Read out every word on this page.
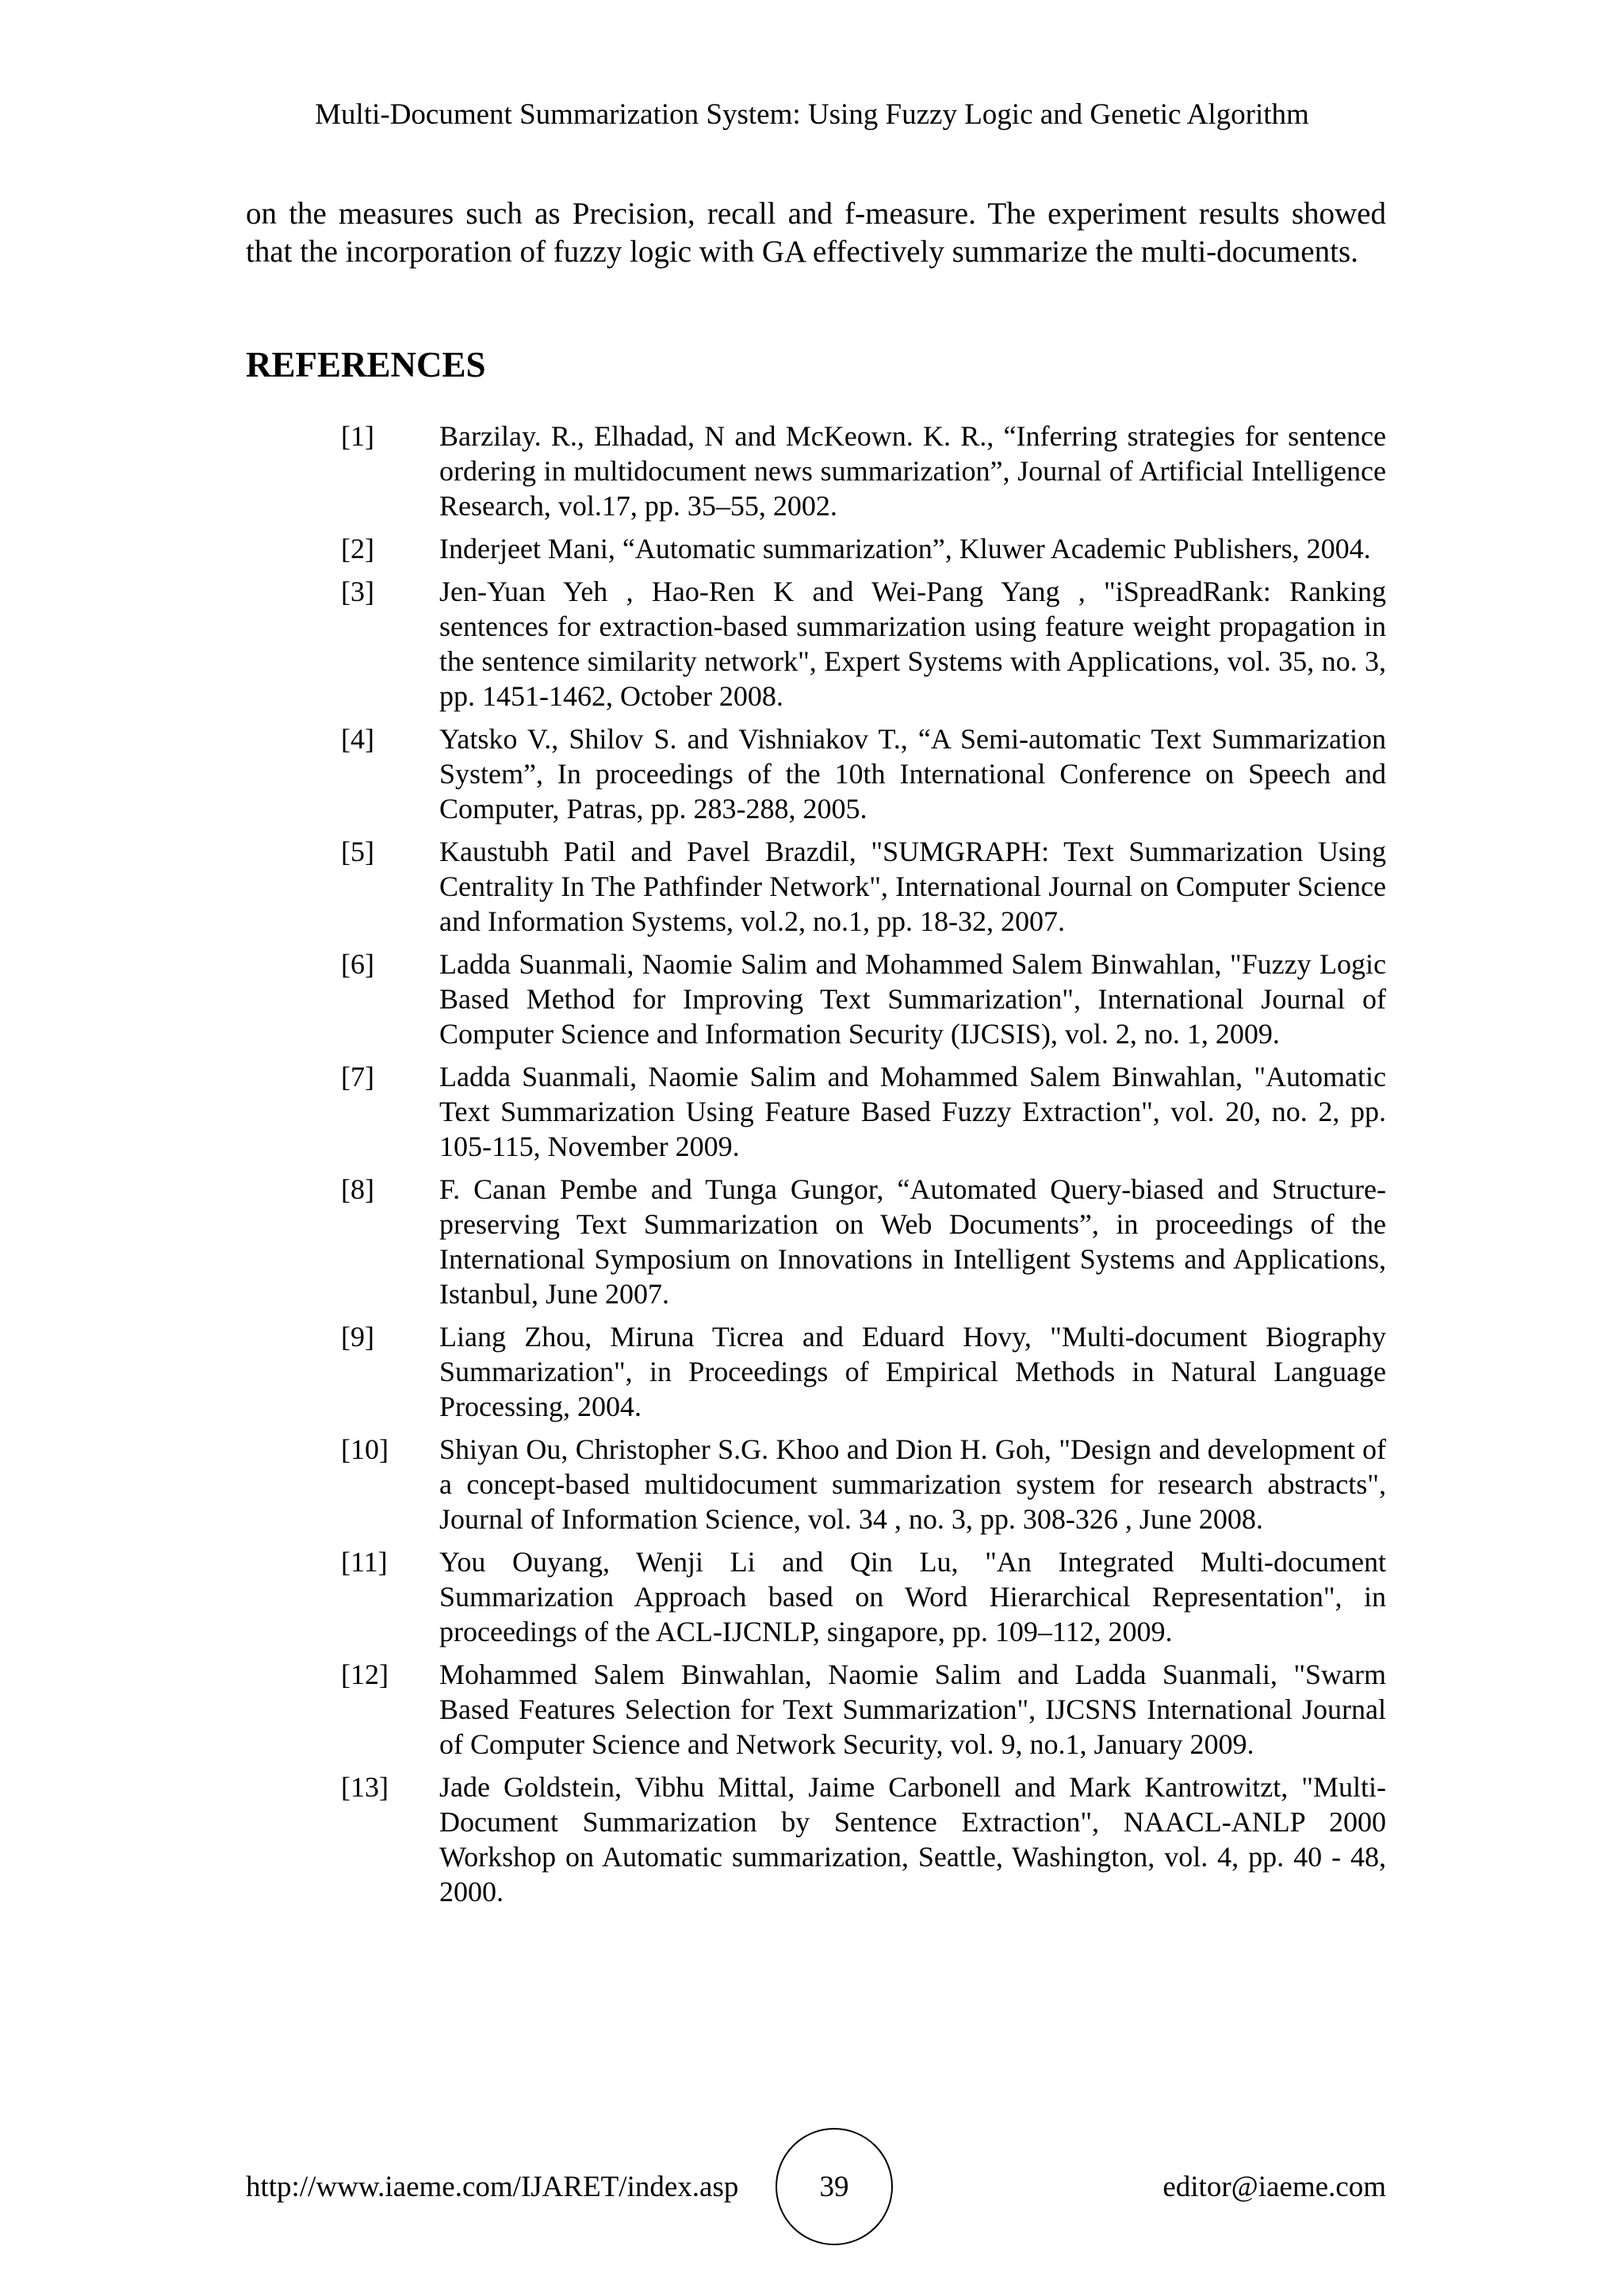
Multi-Document Summarization System: Using Fuzzy Logic and Genetic Algorithm

on the measures such as Precision, recall and f-measure. The experiment results showed that the incorporation of fuzzy logic with GA effectively summarize the multi-documents.

REFERENCES
[1]	Barzilay. R., Elhadad, N and McKeown. K. R., “Inferring strategies for sentence ordering in multidocument news summarization”, Journal of Artificial Intelligence Research, vol.17, pp. 35–55, 2002.
[2]	Inderjeet Mani, “Automatic summarization”, Kluwer Academic Publishers, 2004.
[3]	Jen-Yuan Yeh , Hao-Ren K and Wei-Pang Yang , "iSpreadRank: Ranking sentences for extraction-based summarization using feature weight propagation in the sentence similarity network", Expert Systems with Applications, vol. 35, no. 3, pp. 1451-1462, October 2008.
[4]	Yatsko V., Shilov S. and Vishniakov T., “A Semi-automatic Text Summarization System”, In proceedings of the 10th International Conference on Speech and Computer, Patras, pp. 283-288, 2005.
[5]	Kaustubh Patil and Pavel Brazdil, "SUMGRAPH: Text Summarization Using Centrality In The Pathfinder Network", International Journal on Computer Science and Information Systems, vol.2, no.1, pp. 18-32, 2007.
[6]	Ladda Suanmali, Naomie Salim and Mohammed Salem Binwahlan, "Fuzzy Logic Based Method for Improving Text Summarization", International Journal of Computer Science and Information Security (IJCSIS), vol. 2, no. 1, 2009.
[7]	Ladda Suanmali, Naomie Salim and Mohammed Salem Binwahlan, "Automatic Text Summarization Using Feature Based Fuzzy Extraction", vol. 20, no. 2, pp. 105-115, November 2009.
[8]	F. Canan Pembe and Tunga Gungor, “Automated Query-biased and Structure-preserving Text Summarization on Web Documents”, in proceedings of the International Symposium on Innovations in Intelligent Systems and Applications, Istanbul, June 2007.
[9]	Liang Zhou, Miruna Ticrea and Eduard Hovy, "Multi-document Biography Summarization", in Proceedings of Empirical Methods in Natural Language Processing, 2004.
[10]	Shiyan Ou, Christopher S.G. Khoo and Dion H. Goh, "Design and development of a concept-based multidocument summarization system for research abstracts", Journal of Information Science, vol. 34 , no. 3, pp. 308-326 , June 2008.
[11]	You Ouyang, Wenji Li and Qin Lu, "An Integrated Multi-document Summarization Approach based on Word Hierarchical Representation", in proceedings of the ACL-IJCNLP, singapore, pp. 109–112, 2009.
[12]	Mohammed Salem Binwahlan, Naomie Salim and Ladda Suanmali, "Swarm Based Features Selection for Text Summarization", IJCSNS International Journal of Computer Science and Network Security, vol. 9, no.1, January 2009.
[13]	Jade Goldstein, Vibhu Mittal, Jaime Carbonell and Mark Kantrowitzt, "Multi-Document Summarization by Sentence Extraction", NAACL-ANLP 2000 Workshop on Automatic summarization, Seattle, Washington, vol. 4, pp. 40 - 48, 2000.
http://www.iaeme.com/IJARET/index.asp	39	editor@iaeme.com
